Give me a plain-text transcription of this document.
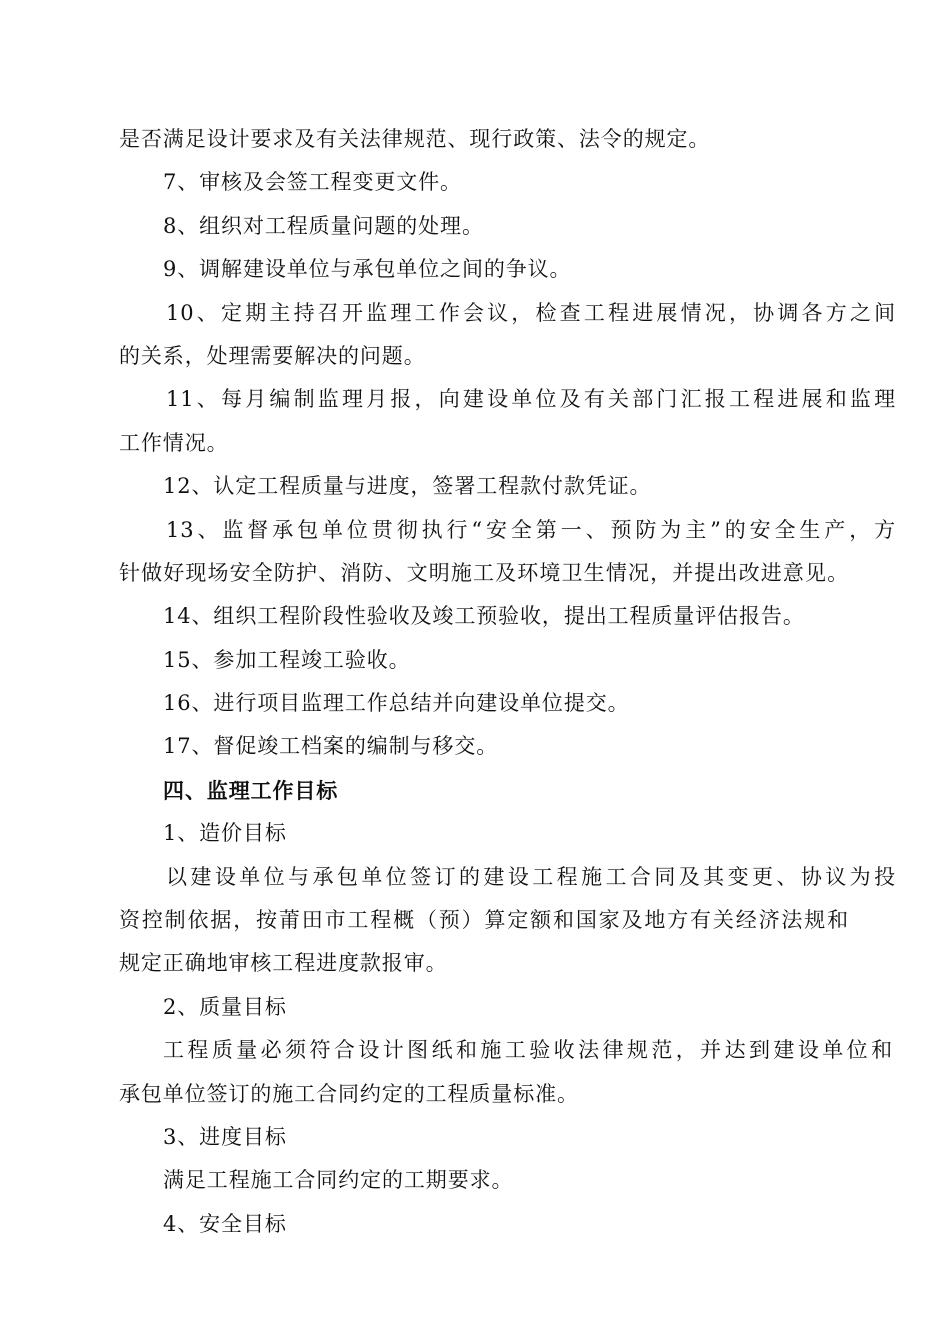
是否满足设计要求及有关法律规范、现行政策、法令的规定。
7、审核及会签工程变更文件。
8、组织对工程质量问题的处理。
9、调解建设单位与承包单位之间的争议。
10、定期主持召开监理工作会议，检查工程进展情况，协调各方之间
的关系，处理需要解决的问题。
11、每月编制监理月报，向建设单位及有关部门汇报工程进展和监理
工作情况。
12、认定工程质量与进度，签署工程款付款凭证。
13、监督承包单位贯彻执行“安全第一、预防为主”的安全生产，方
针做好现场安全防护、消防、文明施工及环境卫生情况，并提出改进意见。
14、组织工程阶段性验收及竣工预验收，提出工程质量评估报告。
15、参加工程竣工验收。
16、进行项目监理工作总结并向建设单位提交。
17、督促竣工档案的编制与移交。
四、监理工作目标
1、造价目标
以建设单位与承包单位签订的建设工程施工合同及其变更、协议为投
资控制依据，按莆田市工程概（预）算定额和国家及地方有关经济法规和
规定正确地审核工程进度款报审。
2、质量目标
工程质量必须符合设计图纸和施工验收法律规范，并达到建设单位和
承包单位签订的施工合同约定的工程质量标准。
3、进度目标
满足工程施工合同约定的工期要求。
4、安全目标
